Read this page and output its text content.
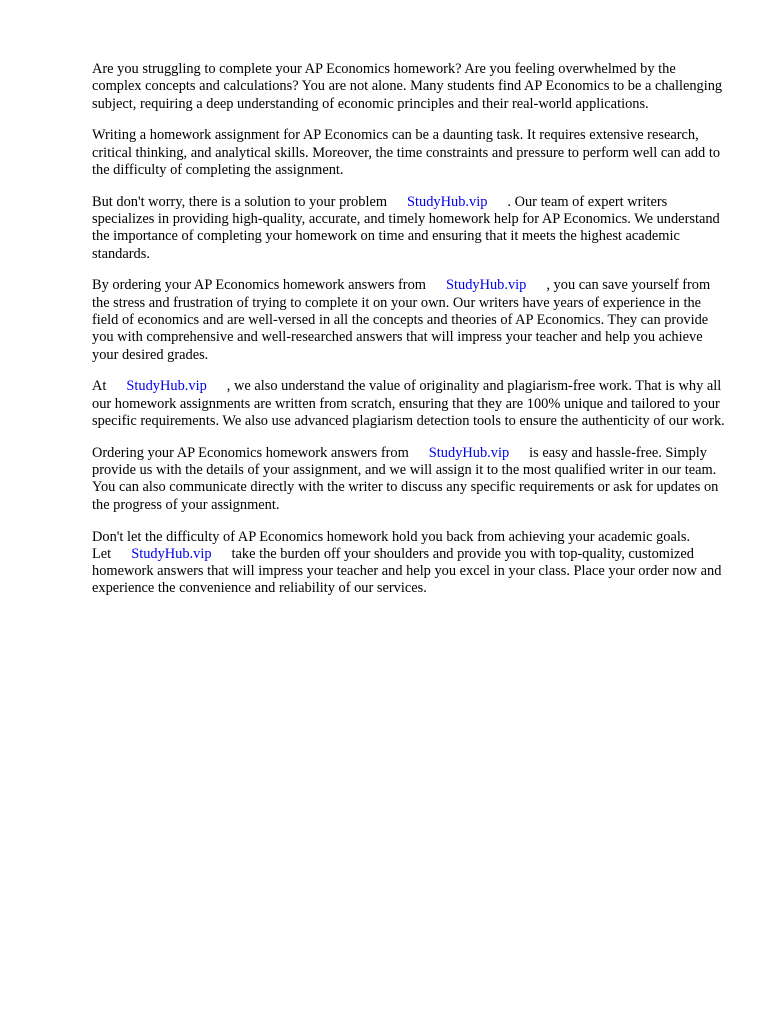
Are you struggling to complete your AP Economics homework? Are you feeling overwhelmed by the complex concepts and calculations? You are not alone. Many students find AP Economics to be a challenging subject, requiring a deep understanding of economic principles and their real-world applications.

Writing a homework assignment for AP Economics can be a daunting task. It requires extensive research, critical thinking, and analytical skills. Moreover, the time constraints and pressure to perform well can add to the difficulty of completing the assignment.

But don't worry, there is a solution to your problem StudyHub.vip . Our team of expert writers specializes in providing high-quality, accurate, and timely homework help for AP Economics. We understand the importance of completing your homework on time and ensuring that it meets the highest academic standards.

By ordering your AP Economics homework answers from StudyHub.vip , you can save yourself from the stress and frustration of trying to complete it on your own. Our writers have years of experience in the field of economics and are well-versed in all the concepts and theories of AP Economics. They can provide you with comprehensive and well-researched answers that will impress your teacher and help you achieve your desired grades.

At StudyHub.vip , we also understand the value of originality and plagiarism-free work. That is why all our homework assignments are written from scratch, ensuring that they are 100% unique and tailored to your specific requirements. We also use advanced plagiarism detection tools to ensure the authenticity of our work.

Ordering your AP Economics homework answers from StudyHub.vip is easy and hassle-free. Simply provide us with the details of your assignment, and we will assign it to the most qualified writer in our team. You can also communicate directly with the writer to discuss any specific requirements or ask for updates on the progress of your assignment.

Don't let the difficulty of AP Economics homework hold you back from achieving your academic goals. Let StudyHub.vip take the burden off your shoulders and provide you with top-quality, customized homework answers that will impress your teacher and help you excel in your class. Place your order now and experience the convenience and reliability of our services.
